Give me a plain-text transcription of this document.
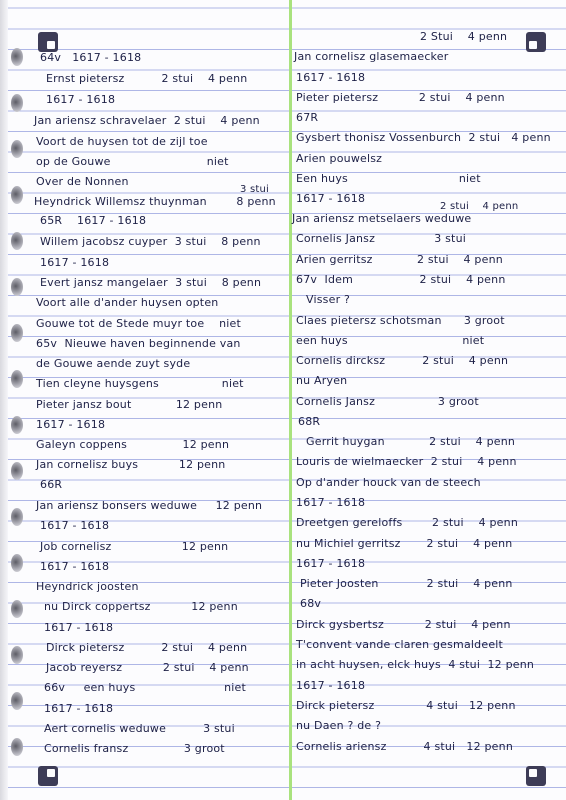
2 Stui    4 penn
64v   1617 - 1618
Ernst pietersz          2 stui    4 penn
1617 - 1618
Jan ariensz schravelaer  2 stui    4 penn
Voort de huysen tot de zijl toe
op de Gouwe                          niet
Over de Nonnen
3 stui
Heyndrick Willemsz thuynman        8 penn
65R    1617 - 1618
Willem jacobsz cuyper  3 stui    8 penn
1617 - 1618
Evert jansz mangelaer  3 stui    8 penn
Voort alle d'ander huysen opten
Gouwe tot de Stede muyr toe    niet
65v  Nieuwe haven beginnende van
de Gouwe aende zuyt syde
Tien cleyne huysgens                 niet
Pieter jansz bout            12 penn
1617 - 1618
Galeyn coppens               12 penn
Jan cornelisz buys           12 penn
66R
Jan ariensz bonsers weduwe     12 penn
1617 - 1618
Job cornelisz                   12 penn
1617 - 1618
Heyndrick joosten
nu Dirck coppertsz           12 penn
1617 - 1618
Dirck pietersz          2 stui    4 penn
Jacob reyersz           2 stui    4 penn
66v     een huys                        niet
1617 - 1618
Aert cornelis weduwe          3 stui
Cornelis fransz               3 groot
Jan cornelisz glasemaecker
1617 - 1618
Pieter pietersz           2 stui    4 penn
67R
Gysbert thonisz Vossenburch  2 stui   4 penn
Arien pouwelsz
Een huys                              niet
1617 - 1618
2 stui    4 penn
Jan ariensz metselaers weduwe
Cornelis Jansz                3 stui
Arien gerritsz            2 stui    4 penn
67v  Idem                  2 stui    4 penn
Visser ?
Claes pietersz schotsman      3 groot
een huys                               niet
Cornelis dircksz          2 stui    4 penn
nu Aryen
Cornelis Jansz                 3 groot
68R
Gerrit huygan            2 stui    4 penn
Louris de wielmaecker  2 stui    4 penn
Op d'ander houck van de steech
1617 - 1618
Dreetgen gereloffs        2 stui    4 penn
nu Michiel gerritsz       2 stui    4 penn
1617 - 1618
Pieter Joosten             2 stui    4 penn
68v
Dirck gysbertsz           2 stui    4 penn
T'convent vande claren gesmaldeelt
in acht huysen, elck huys  4 stui  12 penn
1617 - 1618
Dirck pietersz              4 stui   12 penn
nu Daen ? de ?
Cornelis ariensz          4 stui   12 penn
